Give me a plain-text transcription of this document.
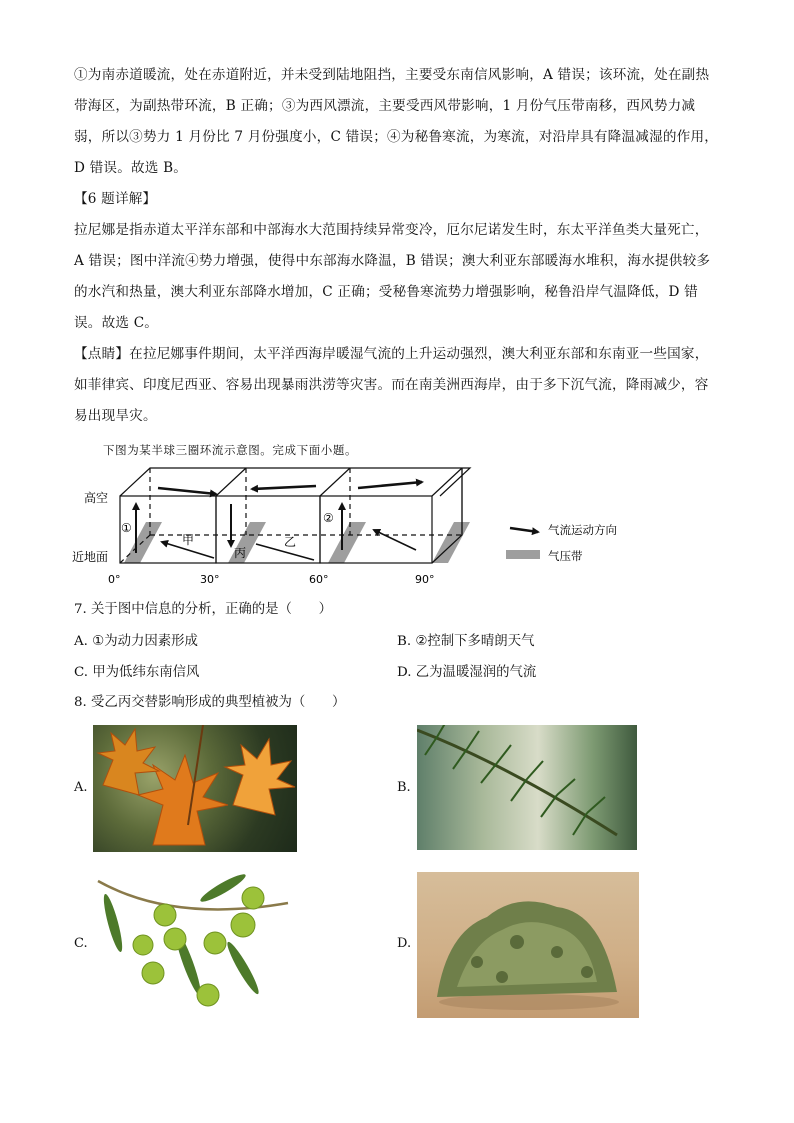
①为南赤道暖流，处在赤道附近，并未受到陆地阻挡，主要受东南信风影响，A 错误；该环流，处在副热
带海区，为副热带环流，B 正确；③为西风漂流，主要受西风带影响，1 月份气压带南移，西风势力减
弱，所以③势力 1 月份比 7 月份强度小，C 错误；④为秘鲁寒流，为寒流，对沿岸具有降温减湿的作用，
D 错误。故选 B。

【6 题详解】
拉尼娜是指赤道太平洋东部和中部海水大范围持续异常变冷，厄尔尼诺发生时，东太平洋鱼类大量死亡，
A 错误；图中洋流④势力增强，使得中东部海水降温，B 错误；澳大利亚东部暖海水堆积，海水提供较多
的水汽和热量，澳大利亚东部降水增加，C 正确；受秘鲁寒流势力增强影响，秘鲁沿岸气温降低，D 错
误。故选 C。

【点睛】在拉尼娜事件期间，太平洋西海岸暖湿气流的上升运动强烈，澳大利亚东部和东南亚一些国家，
如菲律宾、印度尼西亚、容易出现暴雨洪涝等灾害。而在南美洲西海岸，由于多下沉气流，降雨减少，容
易出现旱灾。

下图为某半球三圈环流示意图。完成下面小题。
高空
近地面
0°	30°	60°	90°
①
②
甲	乙
丙
气流运动方向
气压带
7. 关于图中信息的分析，正确的是（　　）
A. ①为动力因素形成	B. ②控制下多晴朗天气
C. 甲为低纬东南信风	D. 乙为温暖湿润的气流
8. 受乙丙交替影响形成的典型植被为（　　）
A.	B.
C.	D.
